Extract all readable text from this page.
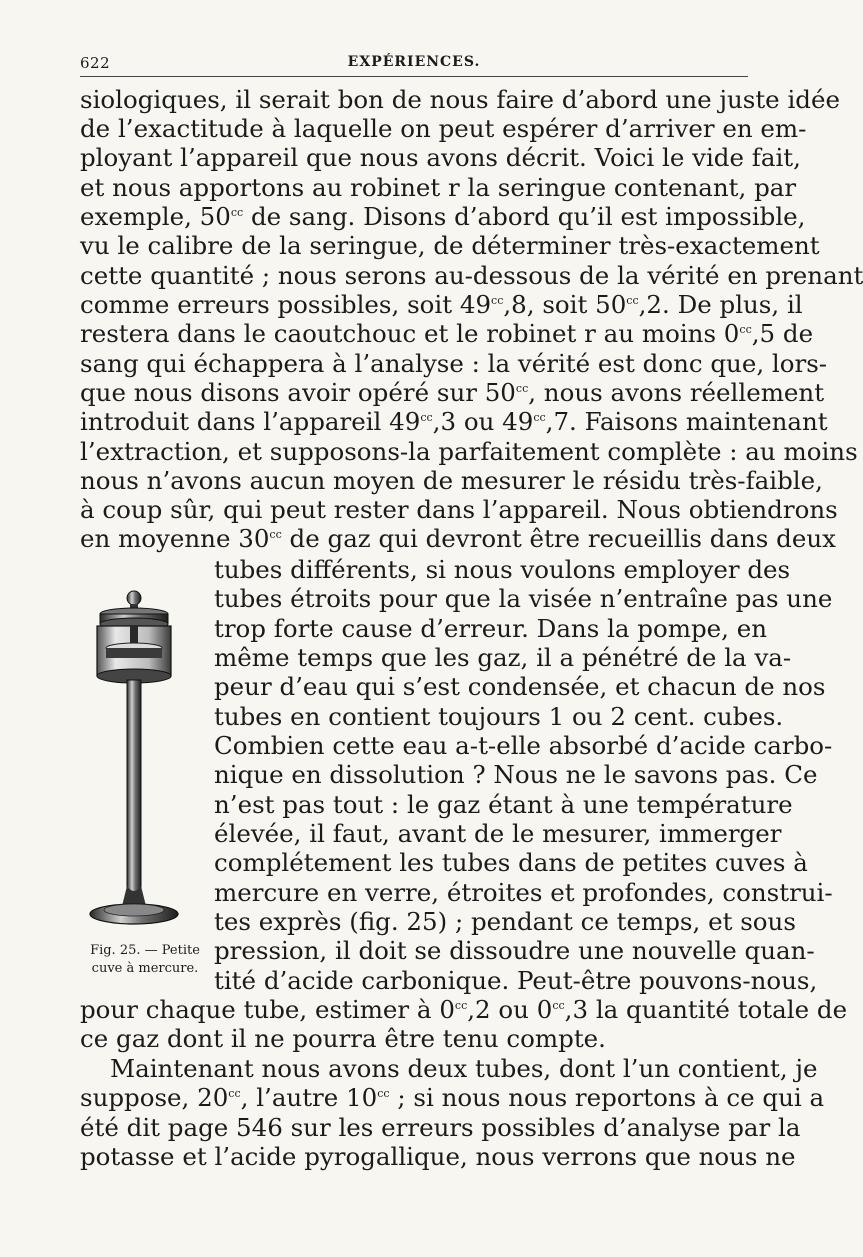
622	EXPÉRIENCES.
siologiques, il serait bon de nous faire d’abord une juste idée
de l’exactitude à laquelle on peut espérer d’arriver en em-
ployant l’appareil que nous avons décrit. Voici le vide fait,
et nous apportons au robinet r la seringue contenant, par
exemple, $50^{cc}$ de sang. Disons d’abord qu’il est impossible,
vu le calibre de la seringue, de déterminer très-exactement
cette quantité ; nous serons au-dessous de la vérité en prenant
comme erreurs possibles, soit $49^{cc},8$, soit $50^{cc},2$. De plus, il
restera dans le caoutchouc et le robinet r au moins $0^{cc},5$ de
sang qui échappera à l’analyse : la vérité est donc que, lors-
que nous disons avoir opéré sur $50^{cc}$, nous avons réellement
introduit dans l’appareil $49^{cc},3$ ou $49^{cc},7$. Faisons maintenant
l’extraction, et supposons-la parfaitement complète : au moins
nous n’avons aucun moyen de mesurer le résidu très-faible,
à coup sûr, qui peut rester dans l’appareil. Nous obtiendrons
en moyenne $30^{cc}$ de gaz qui devront être recueillis dans deux
tubes différents, si nous voulons employer des
tubes étroits pour que la visée n’entraîne pas une
trop forte cause d’erreur. Dans la pompe, en
même temps que les gaz, il a pénétré de la va-
peur d’eau qui s’est condensée, et chacun de nos
tubes en contient toujours 1 ou 2 cent. cubes.
Combien cette eau a-t-elle absorbé d’acide carbo-
nique en dissolution ? Nous ne le savons pas. Ce
n’est pas tout : le gaz étant à une température
élevée, il faut, avant de le mesurer, immerger
complétement les tubes dans de petites cuves à
mercure en verre, étroites et profondes, construi-
tes exprès (fig. 25) ; pendant ce temps, et sous
pression, il doit se dissoudre une nouvelle quan-
tité d’acide carbonique. Peut-être pouvons-nous,
pour chaque tube, estimer à $0^{cc},2$ ou $0^{cc},3$ la quantité totale de
ce gaz dont il ne pourra être tenu compte.
Maintenant nous avons deux tubes, dont l’un contient, je
suppose, $20^{cc}$, l’autre $10^{cc}$ ; si nous nous reportons à ce qui a
été dit page 546 sur les erreurs possibles d’analyse par la
potasse et l’acide pyrogallique, nous verrons que nous ne
Fig. 25. — Petite
cuve à mercure.
